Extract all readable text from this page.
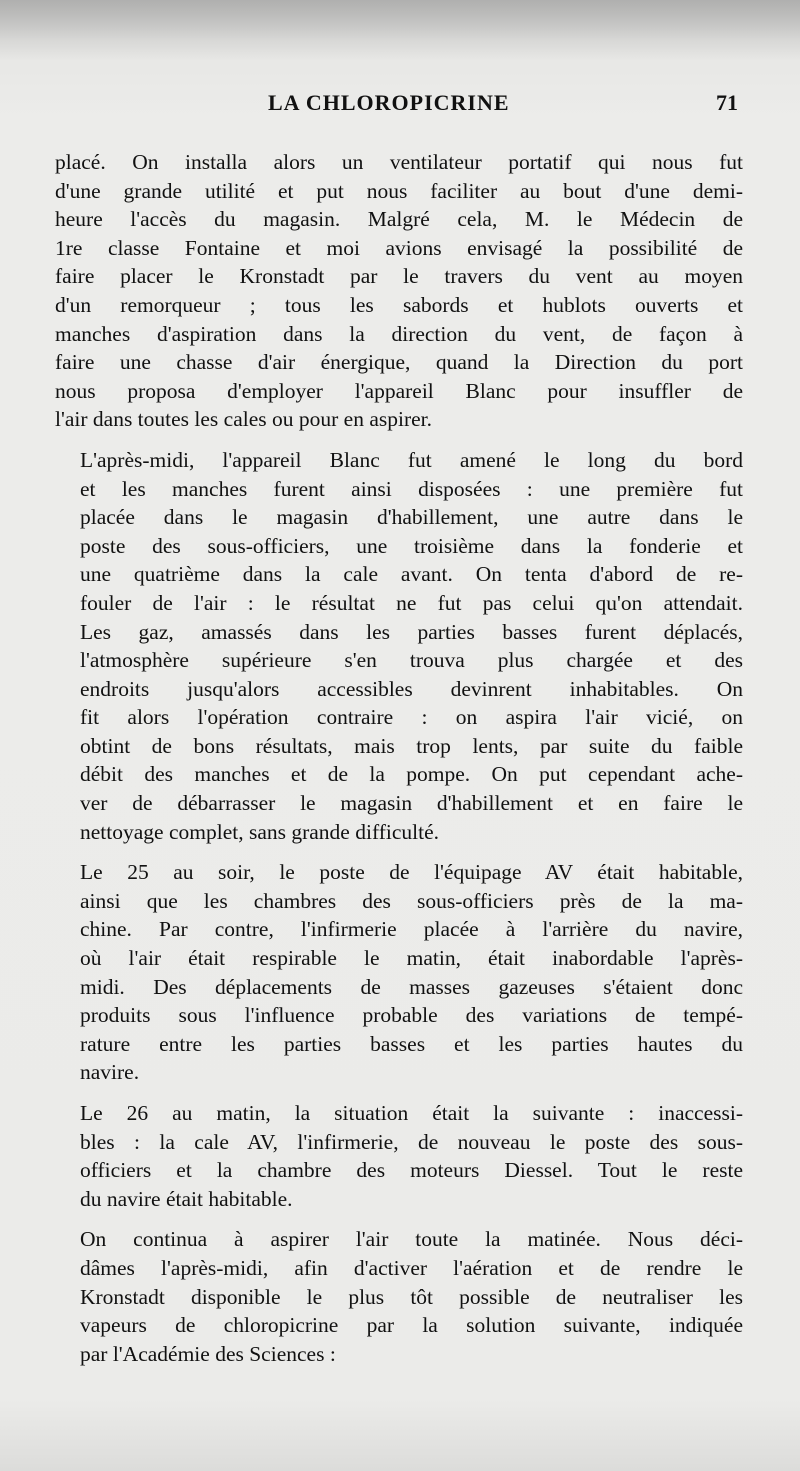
LA CHLOROPICRINE	71

placé. On installa alors un ventilateur portatif qui nous fut
d'une grande utilité et put nous faciliter au bout d'une demi-
heure l'accès du magasin. Malgré cela, M. le Médecin de
1re classe Fontaine et moi avions envisagé la possibilité de
faire placer le Kronstadt par le travers du vent au moyen
d'un remorqueur ; tous les sabords et hublots ouverts et
manches d'aspiration dans la direction du vent, de façon à
faire une chasse d'air énergique, quand la Direction du port
nous proposa d'employer l'appareil Blanc pour insuffler de
l'air dans toutes les cales ou pour en aspirer.

L'après-midi, l'appareil Blanc fut amené le long du bord
et les manches furent ainsi disposées : une première fut
placée dans le magasin d'habillement, une autre dans le
poste des sous-officiers, une troisième dans la fonderie et
une quatrième dans la cale avant. On tenta d'abord de re-
fouler de l'air : le résultat ne fut pas celui qu'on attendait.
Les gaz, amassés dans les parties basses furent déplacés,
l'atmosphère supérieure s'en trouva plus chargée et des
endroits jusqu'alors accessibles devinrent inhabitables. On
fit alors l'opération contraire : on aspira l'air vicié, on
obtint de bons résultats, mais trop lents, par suite du faible
débit des manches et de la pompe. On put cependant ache-
ver de débarrasser le magasin d'habillement et en faire le
nettoyage complet, sans grande difficulté.

Le 25 au soir, le poste de l'équipage AV était habitable,
ainsi que les chambres des sous-officiers près de la ma-
chine. Par contre, l'infirmerie placée à l'arrière du navire,
où l'air était respirable le matin, était inabordable l'après-
midi. Des déplacements de masses gazeuses s'étaient donc
produits sous l'influence probable des variations de tempé-
rature entre les parties basses et les parties hautes du
navire.

Le 26 au matin, la situation était la suivante : inaccessi-
bles : la cale AV, l'infirmerie, de nouveau le poste des sous-
officiers et la chambre des moteurs Diessel. Tout le reste
du navire était habitable.

On continua à aspirer l'air toute la matinée. Nous déci-
dâmes l'après-midi, afin d'activer l'aération et de rendre le
Kronstadt disponible le plus tôt possible de neutraliser les
vapeurs de chloropicrine par la solution suivante, indiquée
par l'Académie des Sciences :
